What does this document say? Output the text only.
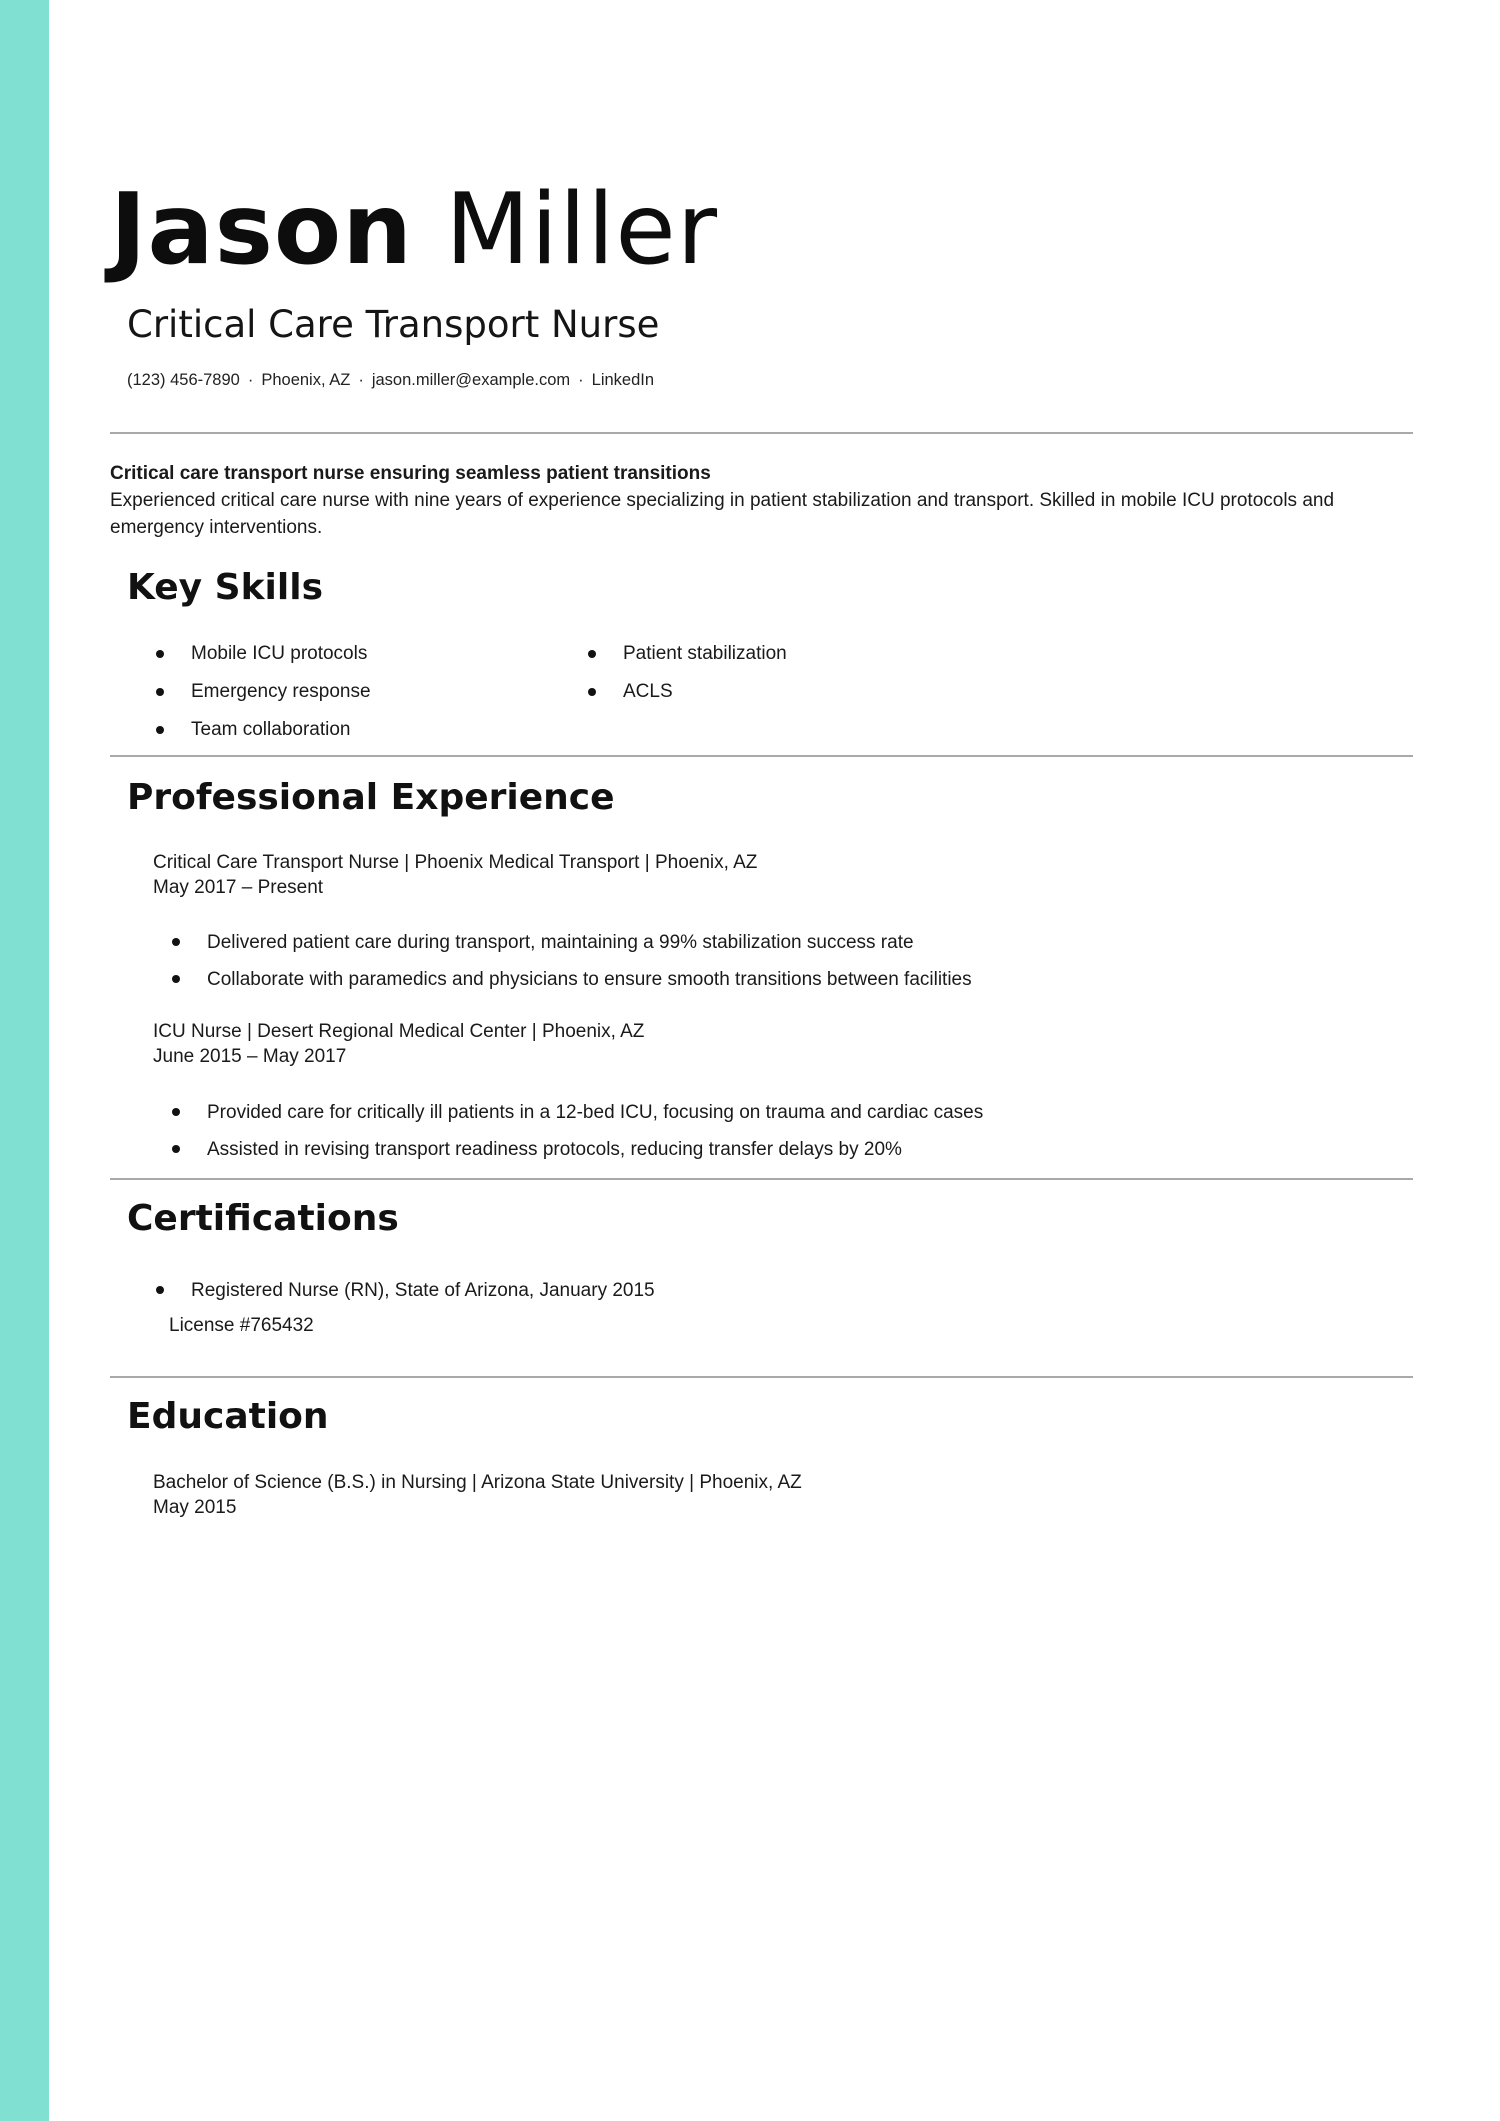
Jason Miller
Critical Care Transport Nurse
(123) 456-7890 · Phoenix, AZ · jason.miller@example.com · LinkedIn
Critical care transport nurse ensuring seamless patient transitions
Experienced critical care nurse with nine years of experience specializing in patient stabilization and transport. Skilled in mobile ICU protocols and emergency interventions.
Key Skills
Mobile ICU protocols	Patient stabilization
Emergency response	ACLS
Team collaboration
Professional Experience
Critical Care Transport Nurse | Phoenix Medical Transport | Phoenix, AZ
May 2017 – Present
Delivered patient care during transport, maintaining a 99% stabilization success rate
Collaborate with paramedics and physicians to ensure smooth transitions between facilities
ICU Nurse | Desert Regional Medical Center | Phoenix, AZ
June 2015 – May 2017
Provided care for critically ill patients in a 12-bed ICU, focusing on trauma and cardiac cases
Assisted in revising transport readiness protocols, reducing transfer delays by 20%
Certifications
Registered Nurse (RN), State of Arizona, January 2015
License #765432
Education
Bachelor of Science (B.S.) in Nursing | Arizona State University | Phoenix, AZ
May 2015
